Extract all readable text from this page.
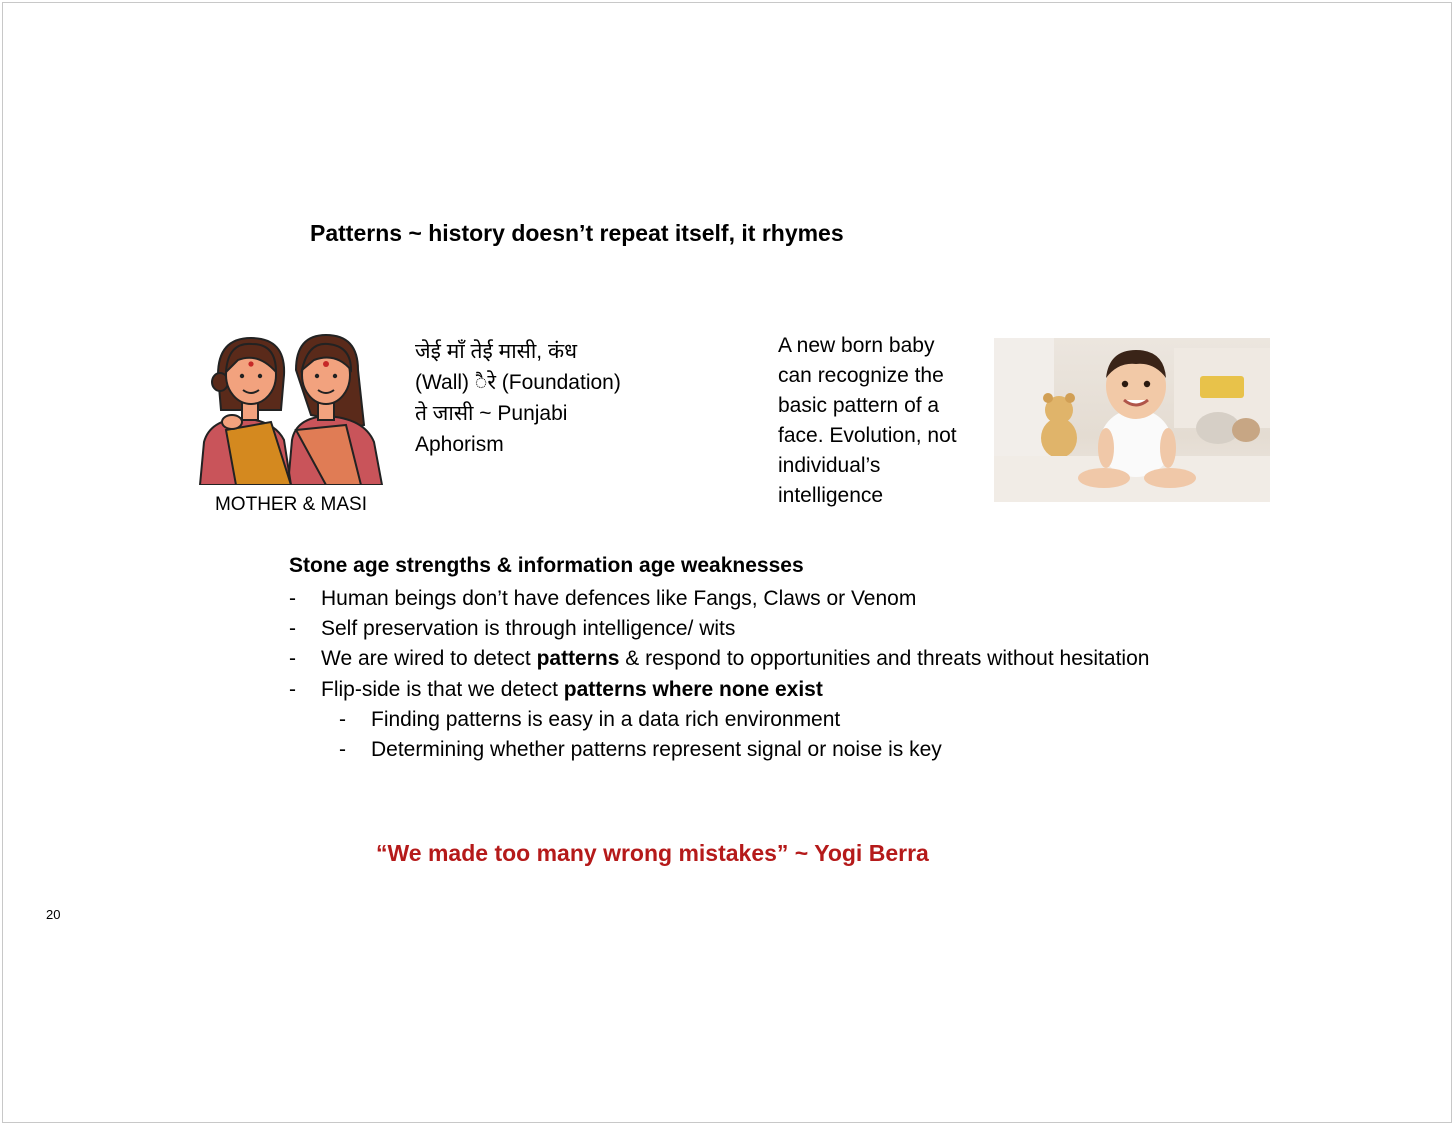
Patterns ~ history doesn’t repeat itself, it rhymes
MOTHER & MASI
जेई माँ तेई मासी, कंध
(Wall) ैरे (Foundation)
ते जासी ~ Punjabi
Aphorism
A new born baby
can recognize the
basic pattern of a
face. Evolution, not
individual’s
intelligence
Stone age strengths & information age weaknesses
- Human beings don’t have defences like Fangs, Claws or Venom
- Self preservation is through intelligence/ wits
- We are wired to detect patterns & respond to opportunities and threats without hesitation
- Flip-side is that we detect patterns where none exist
- Finding patterns is easy in a data rich environment
- Determining whether patterns represent signal or noise is key
“We made too many wrong mistakes” ~ Yogi Berra
20
